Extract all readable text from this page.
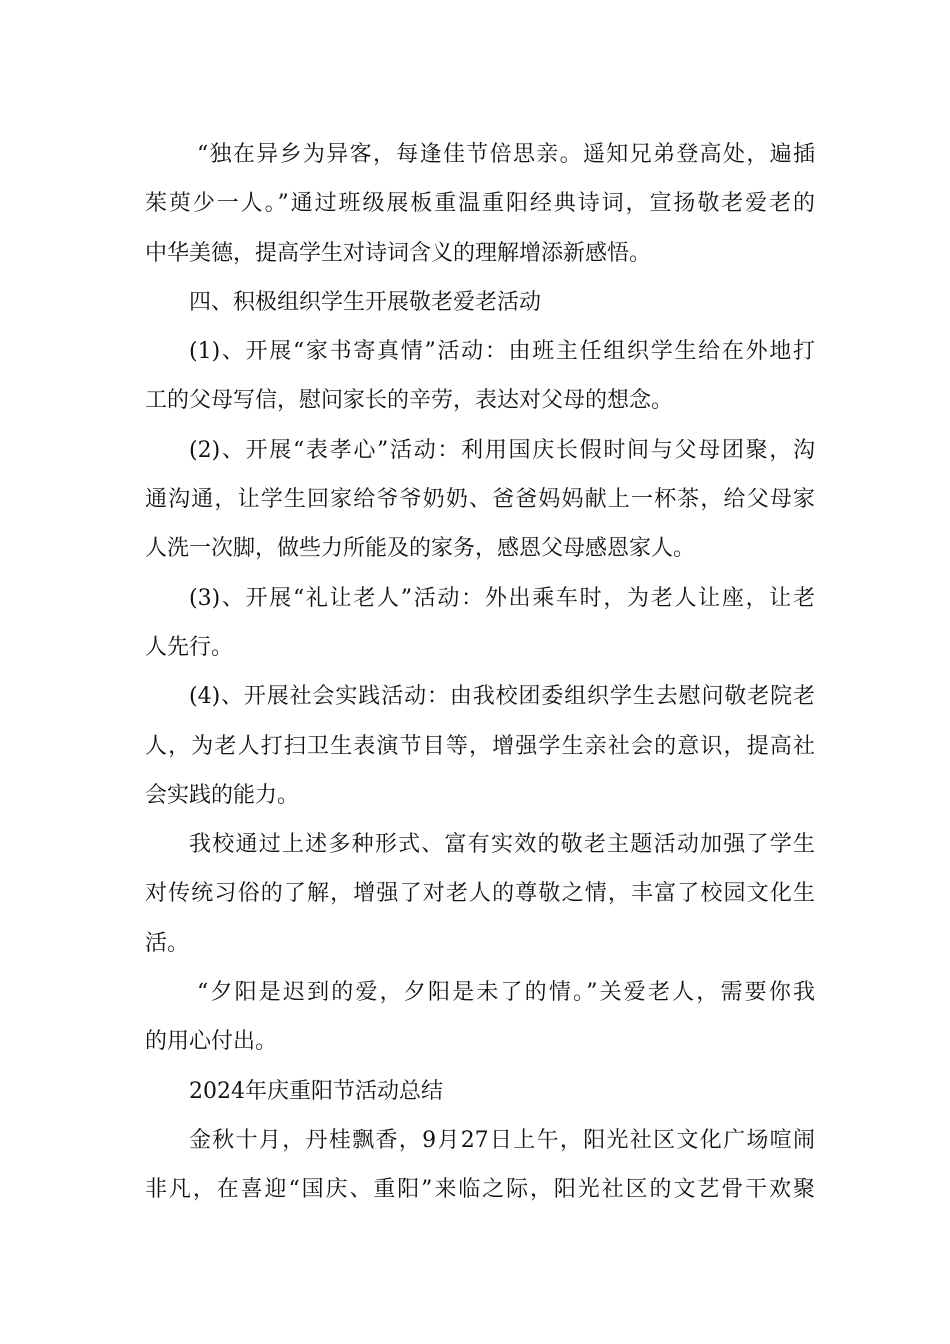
“独在异乡为异客，每逢佳节倍思亲。遥知兄弟登高处，遍插
茱萸少一人。”通过班级展板重温重阳经典诗词，宣扬敬老爱老的
中华美德，提高学生对诗词含义的理解增添新感悟。
四、积极组织学生开展敬老爱老活动
(1)、开展“家书寄真情”活动：由班主任组织学生给在外地打
工的父母写信，慰问家长的辛劳，表达对父母的想念。
(2)、开展“表孝心”活动：利用国庆长假时间与父母团聚，沟
通沟通，让学生回家给爷爷奶奶、爸爸妈妈献上一杯茶，给父母家
人洗一次脚，做些力所能及的家务，感恩父母感恩家人。
(3)、开展“礼让老人”活动：外出乘车时，为老人让座，让老
人先行。
(4)、开展社会实践活动：由我校团委组织学生去慰问敬老院老
人，为老人打扫卫生表演节目等，增强学生亲社会的意识，提高社
会实践的能力。
我校通过上述多种形式、富有实效的敬老主题活动加强了学生
对传统习俗的了解，增强了对老人的尊敬之情，丰富了校园文化生
活。
“夕阳是迟到的爱，夕阳是未了的情。”关爱老人，需要你我
的用心付出。
2024年庆重阳节活动总结
金秋十月，丹桂飘香，9月27日上午，阳光社区文化广场喧闹
非凡，在喜迎“国庆、重阳”来临之际，阳光社区的文艺骨干欢聚
